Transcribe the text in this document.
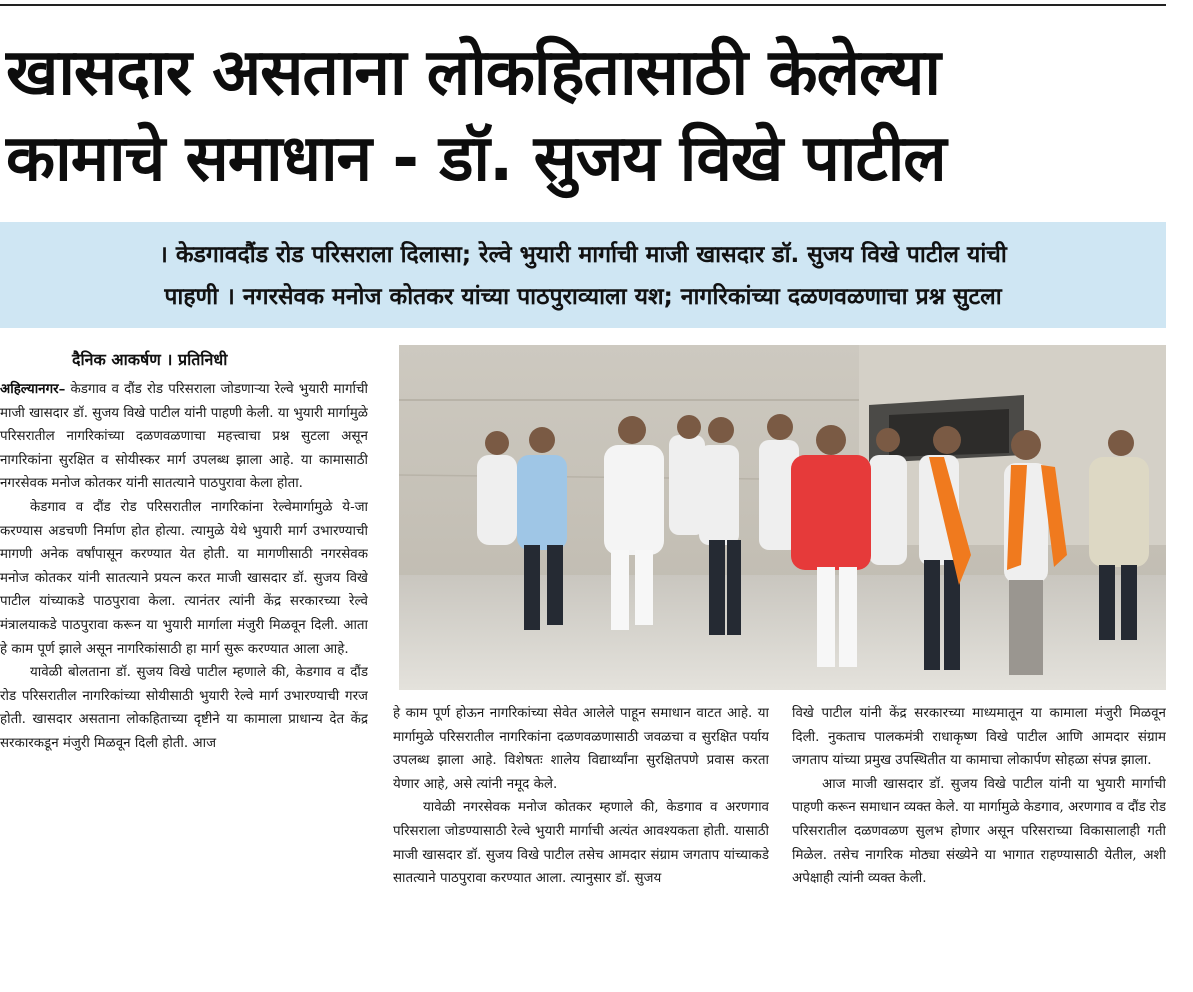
खासदार असताना लोकहितासाठी केलेल्या
कामाचे समाधान - डॉ. सुजय विखे पाटील

। केडगावदौंड रोड परिसराला दिलासा; रेल्वे भुयारी मार्गाची माजी खासदार डॉ. सुजय विखे पाटील यांची

पाहणी । नगरसेवक मनोज कोतकर यांच्या पाठपुराव्याला यश; नागरिकांच्या दळणवळणाचा प्रश्न सुटला

दैनिक आकर्षण । प्रतिनिधी

अहिल्यानगर– केडगाव व दौंड रोड परिसराला जोडणाऱ्या रेल्वे भुयारी मार्गाची माजी खासदार डॉ. सुजय विखे पाटील यांनी पाहणी केली. या भुयारी मार्गामुळे परिसरातील नागरिकांच्या दळणवळणाचा महत्त्वाचा प्रश्न सुटला असून नागरिकांना सुरक्षित व सोयीस्कर मार्ग उपलब्ध झाला आहे. या कामासाठी नगरसेवक मनोज कोतकर यांनी सातत्याने पाठपुरावा केला होता.

केडगाव व दौंड रोड परिसरातील नागरिकांना रेल्वेमार्गामुळे ये-जा करण्यास अडचणी निर्माण होत होत्या. त्यामुळे येथे भुयारी मार्ग उभारण्याची मागणी अनेक वर्षांपासून करण्यात येत होती. या मागणीसाठी नगरसेवक मनोज कोतकर यांनी सातत्याने प्रयत्न करत माजी खासदार डॉ. सुजय विखे पाटील यांच्याकडे पाठपुरावा केला. त्यानंतर त्यांनी केंद्र सरकारच्या रेल्वे मंत्रालयाकडे पाठपुरावा करून या भुयारी मार्गाला मंजुरी मिळवून दिली. आता हे काम पूर्ण झाले असून नागरिकांसाठी हा मार्ग सुरू करण्यात आला आहे.

यावेळी बोलताना डॉ. सुजय विखे पाटील म्हणाले की, केडगाव व दौंड रोड परिसरातील नागरिकांच्या सोयीसाठी भुयारी रेल्वे मार्ग उभारण्याची गरज होती. खासदार असताना लोकहिताच्या दृष्टीने या कामाला प्राधान्य देत केंद्र सरकारकडून मंजुरी मिळवून दिली होती. आज

हे काम पूर्ण होऊन नागरिकांच्या सेवेत आलेले पाहून समाधान वाटत आहे. या मार्गामुळे परिसरातील नागरिकांना दळणवळणासाठी जवळचा व सुरक्षित पर्याय उपलब्ध झाला आहे. विशेषतः शालेय विद्यार्थ्यांना सुरक्षितपणे प्रवास करता येणार आहे, असे त्यांनी नमूद केले.

यावेळी नगरसेवक मनोज कोतकर म्हणाले की, केडगाव व अरणगाव परिसराला जोडण्यासाठी रेल्वे भुयारी मार्गाची अत्यंत आवश्यकता होती. यासाठी माजी खासदार डॉ. सुजय विखे पाटील तसेच आमदार संग्राम जगताप यांच्याकडे सातत्याने पाठपुरावा करण्यात आला. त्यानुसार डॉ. सुजय

विखे पाटील यांनी केंद्र सरकारच्या माध्यमातून या कामाला मंजुरी मिळवून दिली. नुकताच पालकमंत्री राधाकृष्ण विखे पाटील आणि आमदार संग्राम जगताप यांच्या प्रमुख उपस्थितीत या कामाचा लोकार्पण सोहळा संपन्न झाला.

आज माजी खासदार डॉ. सुजय विखे पाटील यांनी या भुयारी मार्गाची पाहणी करून समाधान व्यक्त केले. या मार्गामुळे केडगाव, अरणगाव व दौंड रोड परिसरातील दळणवळण सुलभ होणार असून परिसराच्या विकासालाही गती मिळेल. तसेच नागरिक मोठ्या संख्येने या भागात राहण्यासाठी येतील, अशी अपेक्षाही त्यांनी व्यक्त केली.
